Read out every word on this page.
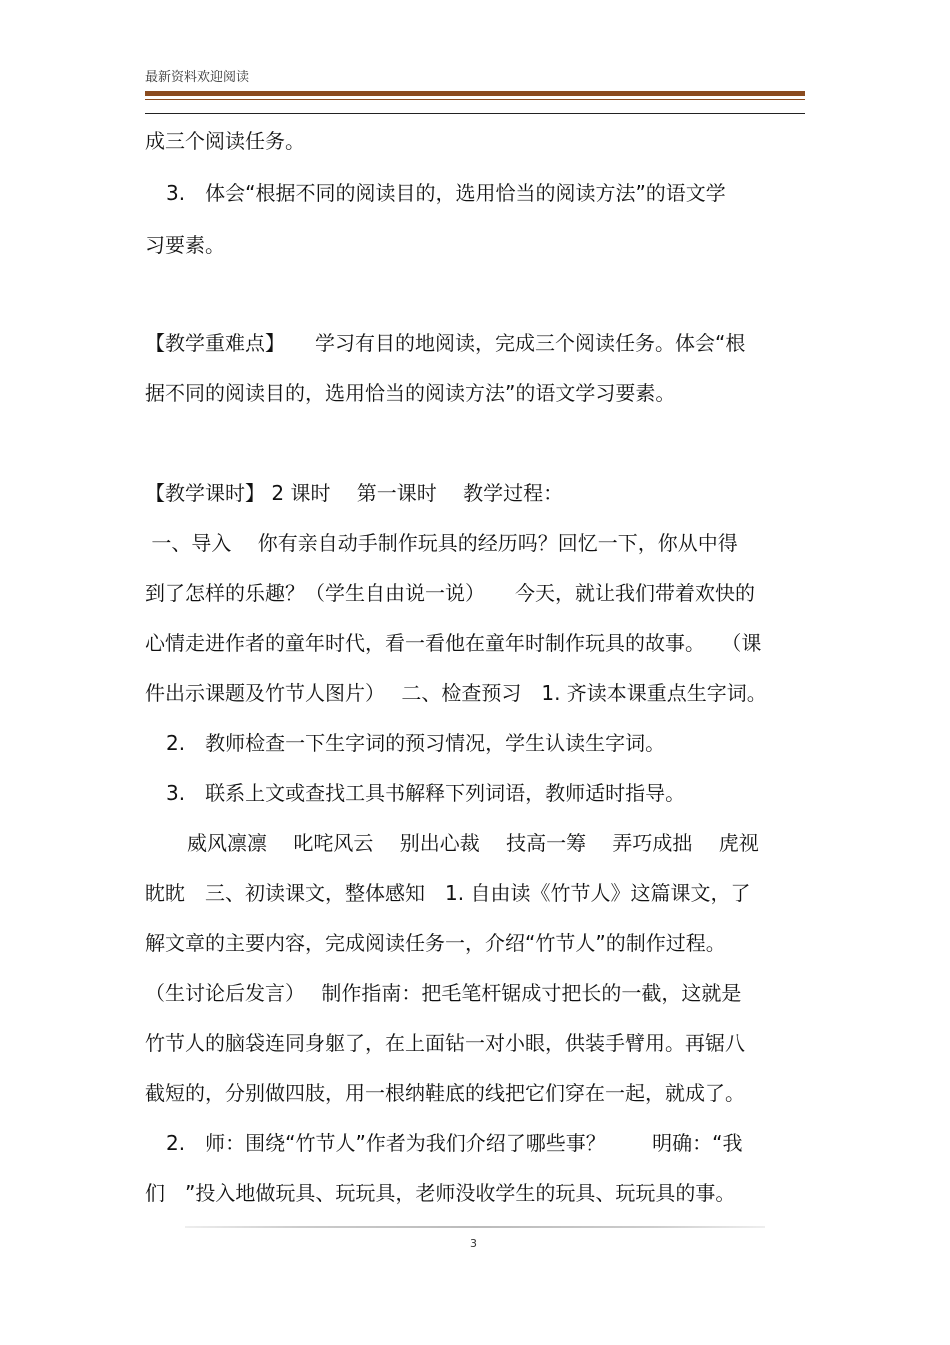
最新资料欢迎阅读
成三个阅读任务。
3.　体会“根据不同的阅读目的，选用恰当的阅读方法”的语文学
习要素。
【教学重难点】　　学习有目的地阅读，完成三个阅读任务。体会“根
据不同的阅读目的，选用恰当的阅读方法”的语文学习要素。
【教学课时】 2 课时　 第一课时　 教学过程：
一、导入　 你有亲自动手制作玩具的经历吗？回忆一下，你从中得
到了怎样的乐趣？（学生自由说一说）　　今天，就让我们带着欢快的
心情走进作者的童年时代，看一看他在童年时制作玩具的故事。　 （课
件出示课题及竹节人图片）　 二、检查预习　1. 齐读本课重点生字词。
2.　教师检查一下生字词的预习情况，学生认读生字词。
3.　联系上文或查找工具书解释下列词语，教师适时指导。
威风凛凛　 叱咤风云　 别出心裁　 技高一筹　 弄巧成拙　 虎视
眈眈　三、初读课文，整体感知　1. 自由读《竹节人》这篇课文，了
解文章的主要内容，完成阅读任务一，介绍“竹节人”的制作过程。
（生讨论后发言）　 制作指南：把毛笔杆锯成寸把长的一截，这就是
竹节人的脑袋连同身躯了，在上面钻一对小眼，供装手臂用。再锯八
截短的，分别做四肢，用一根纳鞋底的线把它们穿在一起，就成了。
2.　师：围绕“竹节人”作者为我们介绍了哪些事？　　 明确：“我
们　”投入地做玩具、玩玩具，老师没收学生的玩具、玩玩具的事。
3
